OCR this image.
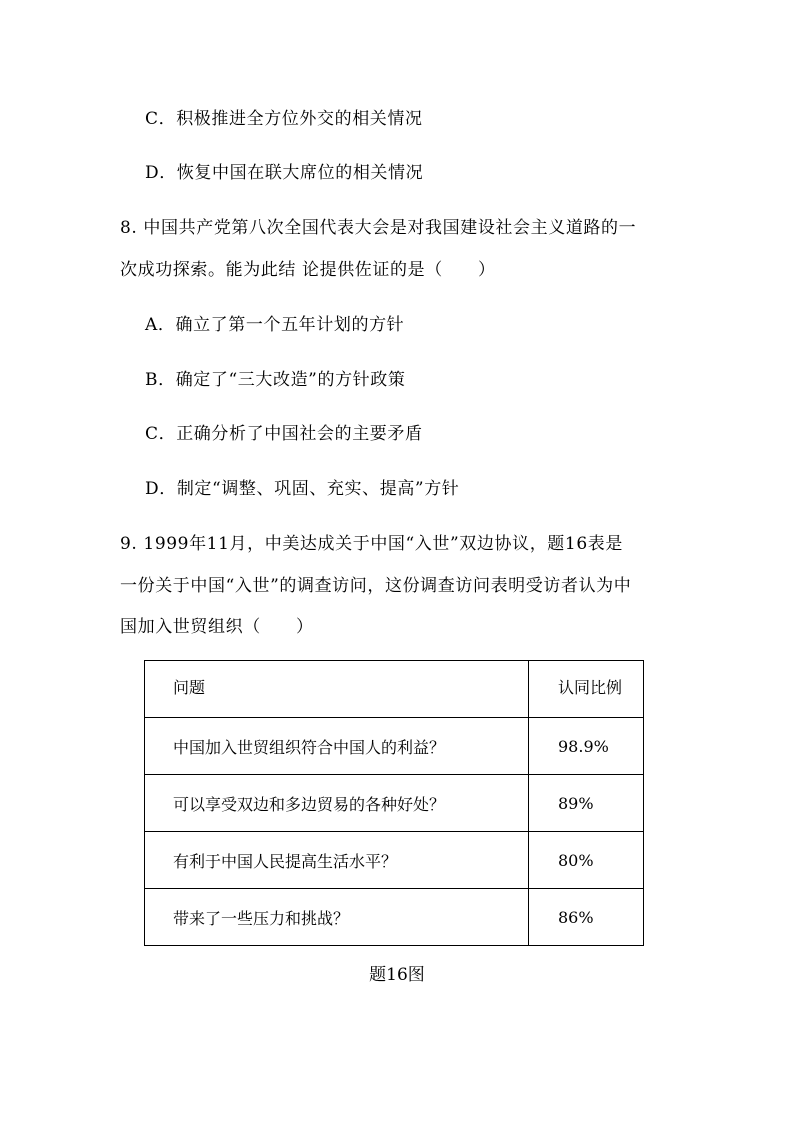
C．积极推进全方位外交的相关情况
D．恢复中国在联大席位的相关情况
8. 中国共产党第八次全国代表大会是对我国建设社会主义道路的一
次成功探索。能为此结 论提供佐证的是（　　）
A．确立了第一个五年计划的方针
B．确定了“三大改造”的方针政策
C．正确分析了中国社会的主要矛盾
D．制定“调整、巩固、充实、提高”方针
9. 1999年11月，中美达成关于中国“入世”双边协议，题16表是
一份关于中国“入世”的调查访问，这份调查访问表明受访者认为中
国加入世贸组织（　　）
问题	认同比例
中国加入世贸组织符合中国人的利益？	98.9%
可以享受双边和多边贸易的各种好处？	89%
有利于中国人民提高生活水平？	80%
带来了一些压力和挑战？	86%
题16图
